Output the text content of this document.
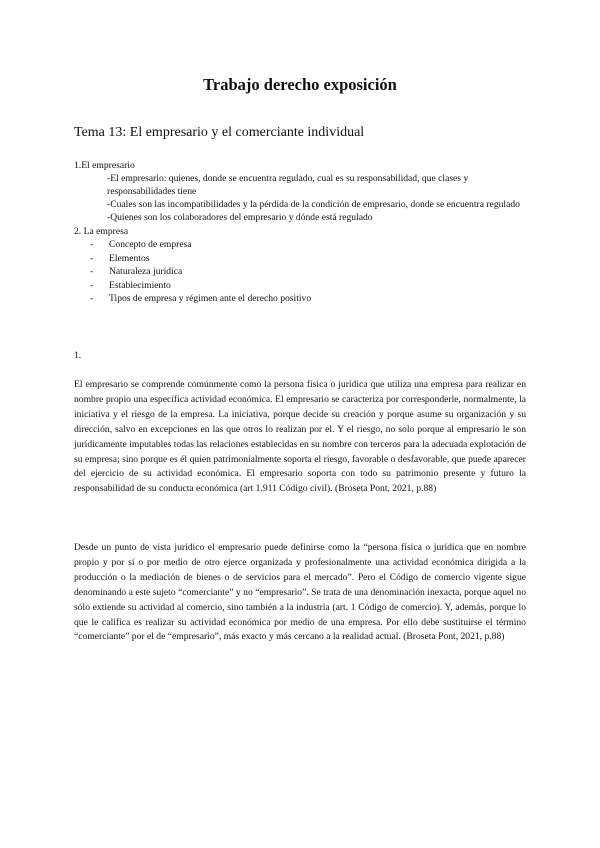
Trabajo derecho exposición
Tema 13: El empresario y el comerciante individual

1.El empresario

-El empresario: quienes, donde se encuentra regulado, cual es su responsabilidad, que clases y responsabilidades tiene

-Cuales son las incompatibilidades y la pérdida de la condición de empresario, donde se encuentra regulado

-Quienes son los colaboradores del empresario y dónde está regulado

2. La empresa

- Concepto de empresa
- Elementos
- Naturaleza jurídica
- Establecimiento
- Tipos de empresa y régimen ante el derecho positivo
1.

El empresario se comprende comúnmente como la persona física o jurídica que utiliza una empresa para realizar en nombre propio una específica actividad económica. El empresario se caracteriza por corresponderle, normalmente, la iniciativa y el riesgo de la empresa. La iniciativa, porque decide su creación y porque asume su organización y su dirección, salvo en excepciones en las que otros lo realizan por el. Y el riesgo, no solo porque al empresario le son jurídicamente imputables todas las relaciones establecidas en su nombre con terceros para la adecuada explotación de su empresa; sino porque es él quien patrimonialmente soporta el riesgo, favorable o desfavorable, que puede aparecer del ejercicio de su actividad económica. El empresario soporta con todo su patrimonio presente y futuro la responsabilidad de su conducta económica (art 1.911 Código civil). (Broseta Pont, 2021, p.88)

Desde un punto de vista jurídico el empresario puede definirse como la “persona física o jurídica que en nombre propio y por sí o por medio de otro ejerce organizada y profesionalmente una actividad económica dirigida a la producción o la mediación de bienes o de servicios para el mercado”. Pero el Código de comercio vigente sigue denominando a este sujeto “comerciante” y no “empresario”. Se trata de una denominación inexacta, porque aquel no sólo extiende su actividad al comercio, sino también a la industria (art. 1 Código de comercio). Y, además, porque lo que le califica es realizar su actividad económica por medio de una empresa. Por ello debe sustituirse el término “comerciante” por el de “empresario”, más exacto y más cercano a la realidad actual. (Broseta Pont, 2021, p.88)
